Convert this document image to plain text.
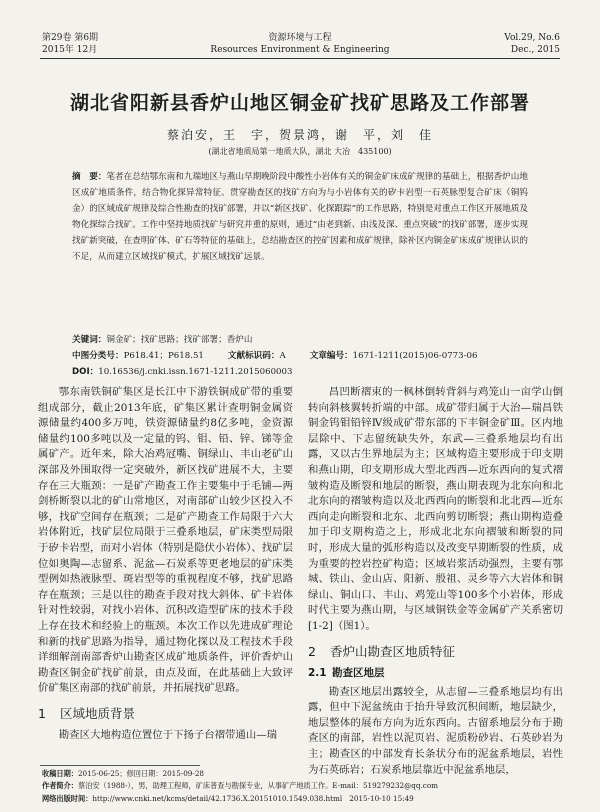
第29卷 第6期
2015年 12月
资源环境与工程
Resources Environment & Engineering
Vol.29, No.6
Dec., 2015
湖北省阳新县香炉山地区铜金矿找矿思路及工作部署
蔡泊安，王　宇，贺景鸿，谢　平，刘　佳
(湖北省地质局第一地质大队，湖北 大冶　435100)
摘　要：笔者在总结鄂东南和九瑞地区与燕山早期晚阶段中酸性小岩体有关的铜金矿床成矿规律的基础上，根据香炉山地区成矿地质条件，结合物化探异常特征、贯穿勘查区的找矿方向为与小岩体有关的矽卡岩型一石英脉型复合矿床（铜钨金）的区域成矿规律及综合性勘查的找矿部署，并以“新区找矿、化探跟踪”的工作思路，特别是对重点工作区开展地质及物化探综合找矿。工作中坚持地质找矿与研究并重的原则，通过“由老到新、由浅及深、重点突破”的找矿部署，逐步实现找矿新突破，在查明矿体、矿石等特征的基础上，总结勘查区的控矿因素和成矿规律，除补区内铜金矿床成矿规律认识的不足，从而建立区域找矿模式，扩展区域找矿远景。
关键词：铜金矿；找矿思路；找矿部署；香炉山
中图分类号：P618.41；P618.51	文献标识码：A	文章编号：1671-1211(2015)06-0773-06
DOI：10.16536/j.cnki.issn.1671-1211.2015060003

鄂东南铁铜矿集区是长江中下游铁铜成矿带的重要组成部分，截止2013年底，矿集区累计查明铜金属资源储量约400多万吨，铁资源储量约8亿多吨，金资源储量约100多吨以及一定量的钨、钼、铅、锌、锑等金属矿产。近年来，除大冶鸡冠嘴、铜绿山、丰山老矿山深部及外围取得一定突破外，新区找矿进展不大，主要存在三大瓶颈：一是矿产勘查工作主要集中于毛铺—两剑桥断裂以北的矿山常地区，对南部矿山较少区投入不够，找矿空间存在瓶颈；二是矿产勘查工作局限于六大岩体附近，找矿层位局限于三叠系地层，矿床类型局限于矽卡岩型，而对小岩体（特别是隐伏小岩体）、找矿层位如奥陶—志留系、泥盆—石炭系等更老地层的矿床类型例如热液脉型、斑岩型等的重视程度不够，找矿思路存在瓶颈；三是以往的勘查手段对找大斜体、矿卡岩体针对性较弱，对找小岩体、沉积改造型矿床的技术手段上存在技术和经验上的瓶颈。本次工作以先进成矿理论和新的找矿思路为指导，通过物化探以及工程技术手段详细解剖南部香炉山勘查区成矿地质条件，评价香炉山勘查区铜金矿找矿前景，由点及面，在此基础上大致评价矿集区南部的找矿前景，并拓展找矿思路。

1 区域地质背景

勘查区大地构造位置位于下扬子台褶带通山—瑞

昌凹断褶束的一枫林倒转背斜与鸡笼山一亩学山倒转向斜核翼转折端的中部。成矿带归属于大治—瑞昌铁铜金钨钼铅锌Ⅳ级成矿带东部的下丰铜金矿Ⅲ。区内地层除中、下志留统缺失外，东武—三叠系地层均有出露，又以古生界地层为主；区域构造主要形成于印支期和燕山期，印支期形成大型北西西—近东西向的复式褶皱构造及断裂和地层的断裂，燕山期表现为北东向和北北东向的褶皱构造以及北西西向的断裂和北北西—近东西向走向断裂和北东、北西向剪切断裂；燕山期构造叠加于印支期构造之上，形成北北东向褶皱和断裂的同时，形成大量的弧形构造以及改变早期断裂的性质，成为重要的控岩控矿构造；区域岩浆活动强烈，主要有鄂城、铁山、金山店、阳新、殷祖、灵乡等六大岩体和铜绿山、铜山口、丰山、鸡笼山等100多个小岩体，形成时代主要为燕山期，与区域铜铁金等金属矿产关系密切[1-2]（图1）。

2 香炉山勘查区地质特征
2.1 勘查区地层

勘查区地层出露较全，从志留—三叠系地层均有出露，但中下泥盆统由于抬升导致沉积间断，地层缺少，地层整体的展布方向为近东西向。古留系地层分布于勘查区的南部，岩性以泥页岩、泥质粉砂岩、石英砂岩为主；勘查区的中部发育长条状分布的泥盆系地层，岩性为石英砾岩；石炭系地层靠近中泥盆系地层，

收稿日期：2015-06-25；修回日期：2015-09-28
作者简介：蔡泊安（1988-），男，助理工程师，矿床普查与勘探专业，从事矿产地质工作。E-mail：519279232@qq.com
网络出版时间：http://www.cnki.net/kcms/detail/42.1736.X.20151010.1549.038.html　2015-10-10 15:49
